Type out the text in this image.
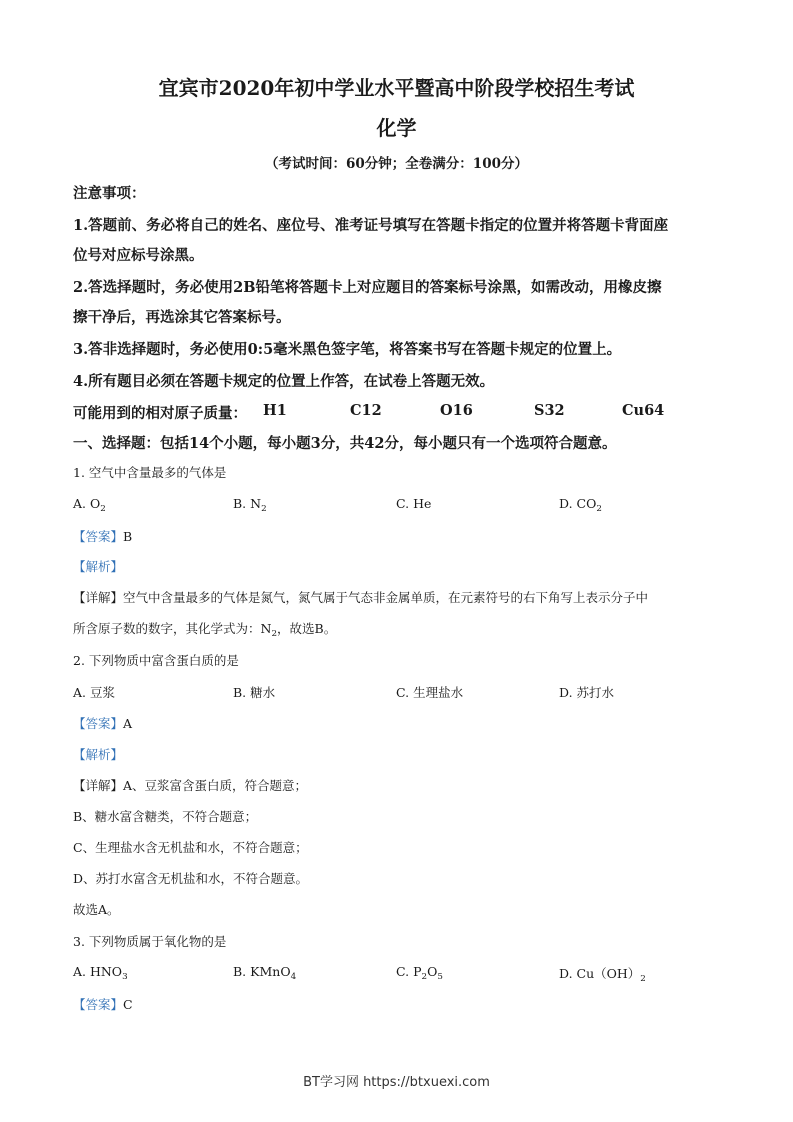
宜宾市2020年初中学业水平暨高中阶段学校招生考试
化学
（考试时间：60分钟；全卷满分：100分）
注意事项：
1.答题前、务必将自己的姓名、座位号、准考证号填写在答题卡指定的位置并将答题卡背面座
位号对应标号涂黑。
2.答选择题时，务必使用2B铅笔将答题卡上对应题目的答案标号涂黑，如需改动，用橡皮擦
擦干净后，再选涂其它答案标号。
3.答非选择题时，务必使用0:5毫米黑色签字笔，将答案书写在答题卡规定的位置上。
4.所有题目必须在答题卡规定的位置上作答，在试卷上答题无效。
可能用到的相对原子质量： H1	C12	O16	S32	Cu64
一、选择题：包括14个小题，每小题3分，共42分，每小题只有一个选项符合题意。
1. 空气中含量最多的气体是
A. $O_2$	B. $N_2$	C. He	D. $CO_2$
【答案】B
【解析】
【详解】空气中含量最多的气体是氮气，氮气属于气态非金属单质，在元素符号的右下角写上表示分子中
所含原子数的数字，其化学式为：$N_2$，故选B。
2. 下列物质中富含蛋白质的是
A. 豆浆	B. 糖水	C. 生理盐水	D. 苏打水
【答案】A
【解析】
【详解】A、豆浆富含蛋白质，符合题意；
B、糖水富含糖类，不符合题意；
C、生理盐水含无机盐和水，不符合题意；
D、苏打水富含无机盐和水，不符合题意。
故选A。
3. 下列物质属于氧化物的是
A. $HNO_3$	B. KMnO$_4$	C. $P_2O_5$	D. $Cu(OH)_2$
【答案】C
BT学习网 https://btxuexi.com
